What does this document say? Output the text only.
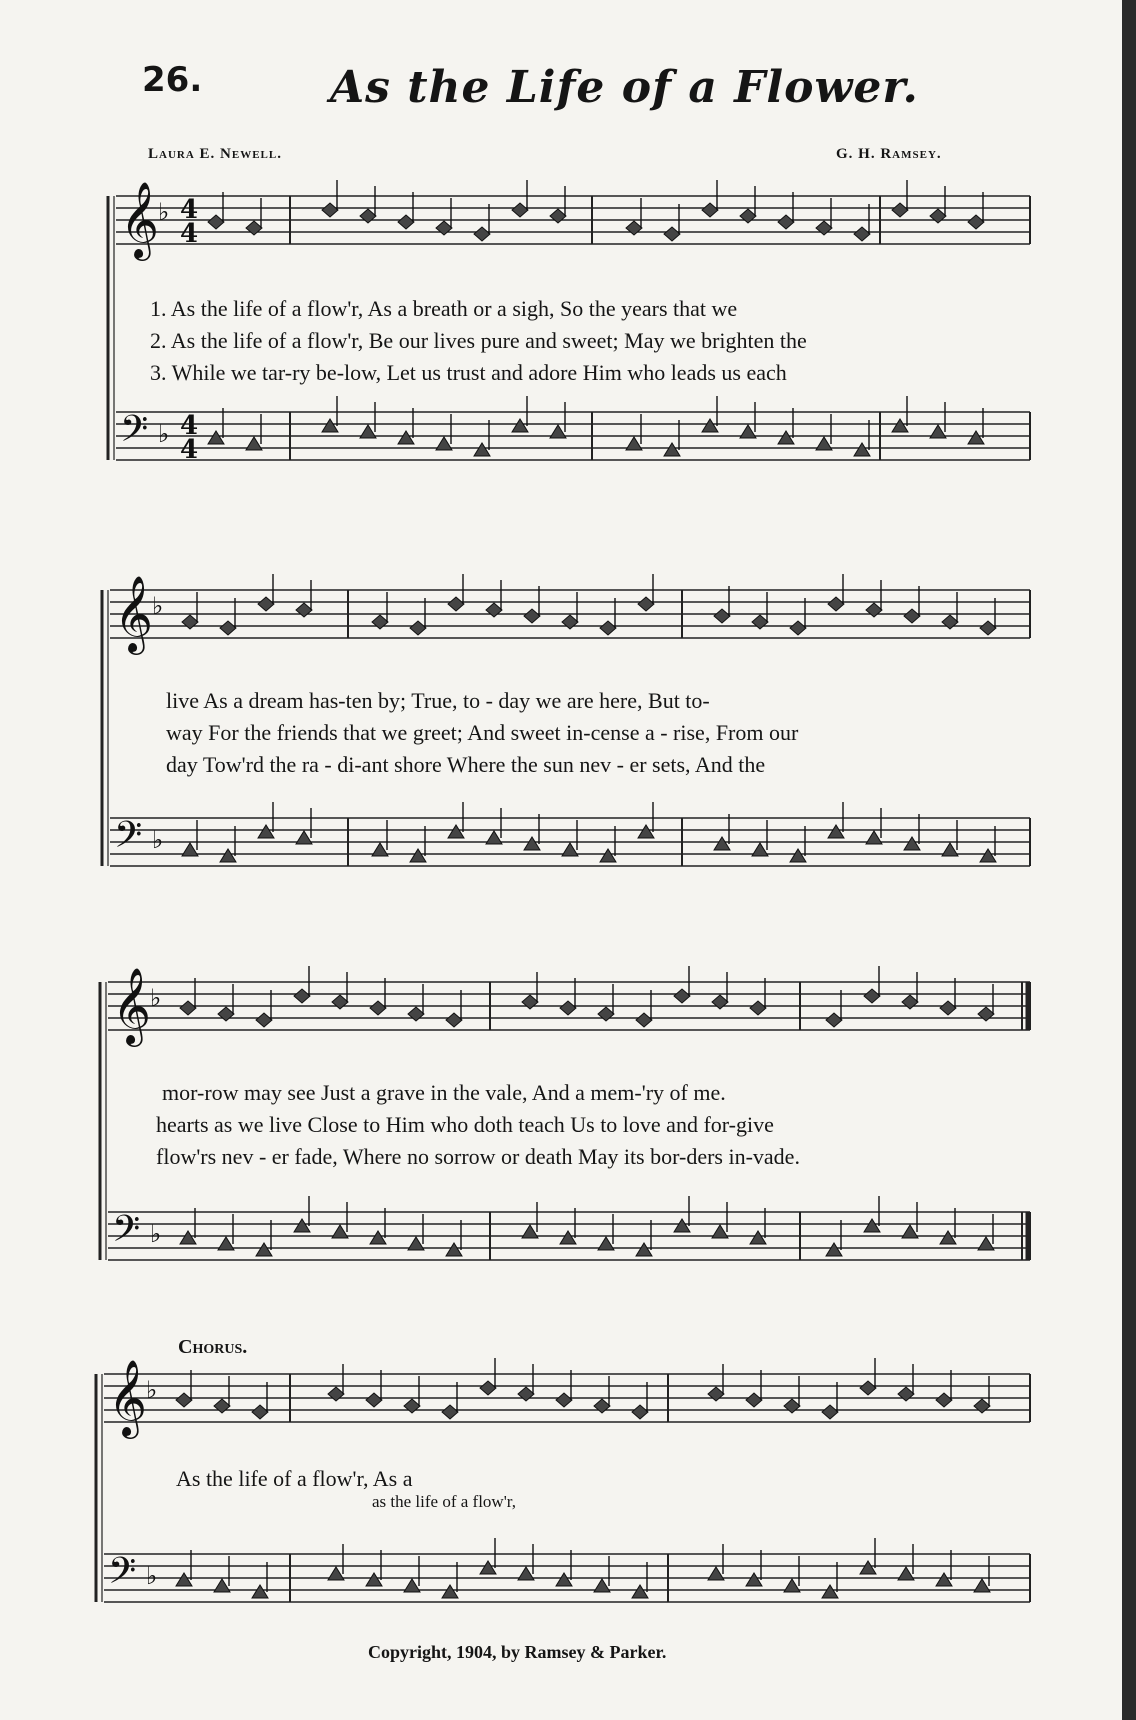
26.	As the Life of a Flower.
Laura E. Newell.	G. H. Ramsey.
𝄞
♭ 4
4
𝄢 ♭ 4
4
𝄞
♭
𝄢 ♭
𝄞
♭
𝄢 ♭
𝄞
♭
𝄢 ♭
1. As the life of a flow'r, As a breath or a sigh, So the years that we
2. As the life of a flow'r, Be our lives pure and sweet; May we brighten the
3. While we tar-ry be-low, Let us trust and adore Him who leads us each
live As a dream has-ten by; True, to - day we are here, But to-
way For the friends that we greet; And sweet in-cense a - rise, From our
day Tow'rd the ra - di-ant shore Where the sun nev - er sets, And the
mor-row may see Just a grave in the vale, And a mem-'ry of me.
hearts as we live Close to Him who doth teach Us to love and for-give
flow'rs nev - er fade, Where no sorrow or death May its bor-ders in-vade.
Chorus.
As the life of a flow'r, As a
as the life of a flow'r,
Copyright, 1904, by Ramsey & Parker.
